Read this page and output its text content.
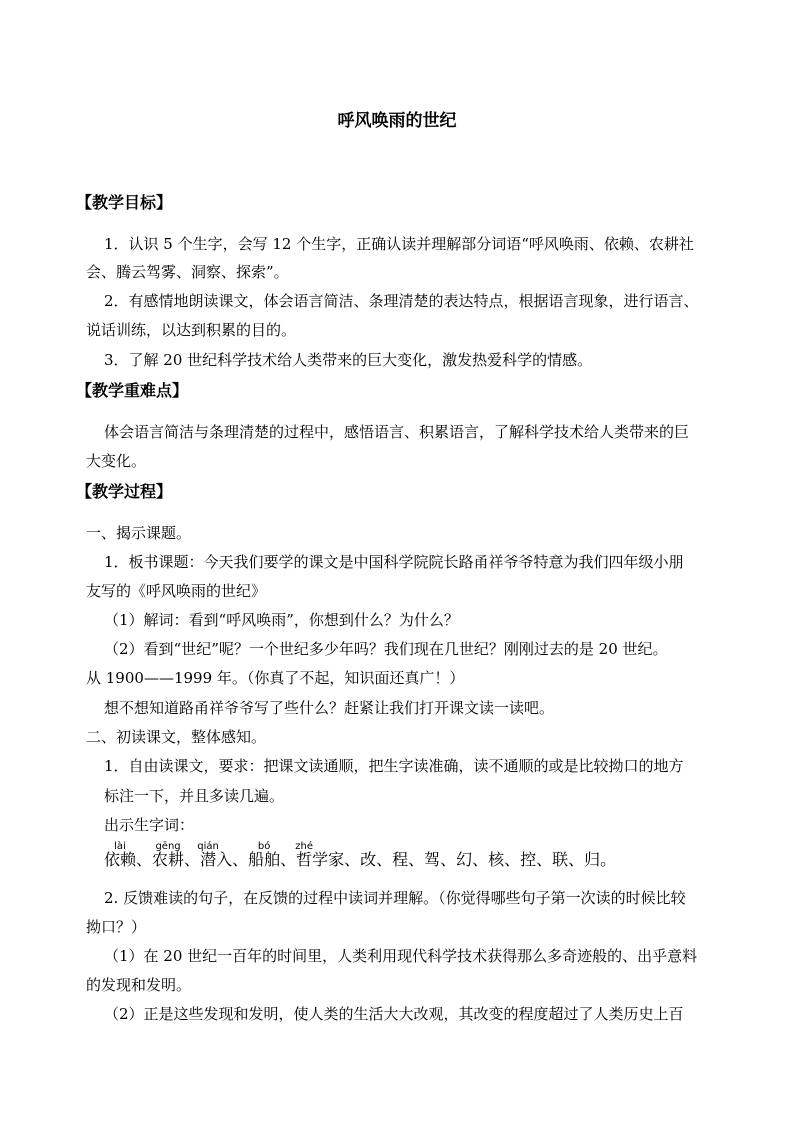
呼风唤雨的世纪
【教学目标】
1．认识 5 个生字，会写 12 个生字，正确认读并理解部分词语“呼风唤雨、依赖、农耕社
会、腾云驾雾、洞察、探索”。
2．有感情地朗读课文，体会语言简洁、条理清楚的表达特点，根据语言现象，进行语言、
说话训练，以达到积累的目的。
3．了解 20 世纪科学技术给人类带来的巨大变化，激发热爱科学的情感。
【教学重难点】
体会语言简洁与条理清楚的过程中，感悟语言、积累语言，了解科学技术给人类带来的巨
大变化。
【教学过程】
一、揭示课题。
1．板书课题：今天我们要学的课文是中国科学院院长路甬祥爷爷特意为我们四年级小朋
友写的《呼风唤雨的世纪》
（1）解词：看到“呼风唤雨”，你想到什么？为什么？
（2）看到“世纪”呢？一个世纪多少年吗？我们现在几世纪？刚刚过去的是 20 世纪。
从 1900——1999 年。（你真了不起，知识面还真广！）
想不想知道路甬祥爷爷写了些什么？赶紧让我们打开课文读一读吧。
二、初读课文，整体感知。
1．自由读课文，要求：把课文读通顺，把生字读准确，读不通顺的或是比较拗口的地方
标注一下，并且多读几遍。
出示生字词：
依赖
lài
、农耕
gēng
、潜
qián
入、船舶
bó
、哲
zhé
学家、改、程、驾、幻、核、控、联、归。
2. 反馈难读的句子，在反馈的过程中读词并理解。（你觉得哪些句子第一次读的时候比较
拗口？）
（1）在 20 世纪一百年的时间里，人类利用现代科学技术获得那么多奇迹般的、出乎意料
的发现和发明。
（2）正是这些发现和发明，使人类的生活大大改观，其改变的程度超过了人类历史上百
